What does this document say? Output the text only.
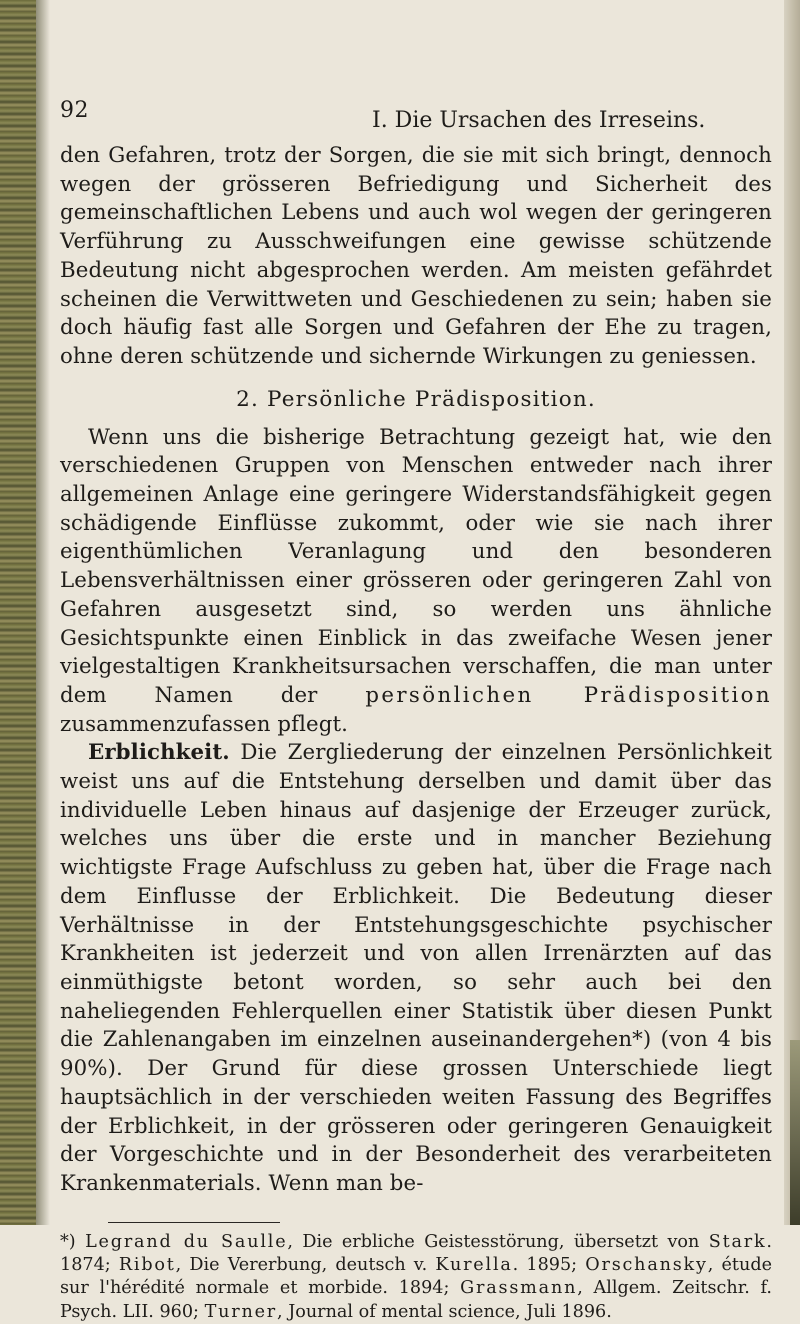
92	I. Die Ursachen des Irreseins.

den Gefahren, trotz der Sorgen, die sie mit sich bringt, dennoch wegen der grösseren Befriedigung und Sicherheit des gemeinschaftlichen Lebens und auch wol wegen der geringeren Verführung zu Ausschweifungen eine gewisse schützende Bedeutung nicht abgesprochen werden. Am meisten gefährdet scheinen die Verwittweten und Geschiedenen zu sein; haben sie doch häufig fast alle Sorgen und Gefahren der Ehe zu tragen, ohne deren schützende und sichernde Wirkungen zu geniessen.

2. Persönliche Prädisposition.

Wenn uns die bisherige Betrachtung gezeigt hat, wie den verschiedenen Gruppen von Menschen entweder nach ihrer allgemeinen Anlage eine geringere Widerstandsfähigkeit gegen schädigende Einflüsse zukommt, oder wie sie nach ihrer eigenthümlichen Veranlagung und den besonderen Lebensverhältnissen einer grösseren oder geringeren Zahl von Gefahren ausgesetzt sind, so werden uns ähnliche Gesichtspunkte einen Einblick in das zweifache Wesen jener vielgestaltigen Krankheitsursachen verschaffen, die man unter dem Namen der persönlichen Prädisposition zusammenzufassen pflegt.

Erblichkeit. Die Zergliederung der einzelnen Persönlichkeit weist uns auf die Entstehung derselben und damit über das individuelle Leben hinaus auf dasjenige der Erzeuger zurück, welches uns über die erste und in mancher Beziehung wichtigste Frage Aufschluss zu geben hat, über die Frage nach dem Einflusse der Erblichkeit. Die Bedeutung dieser Verhältnisse in der Entstehungsgeschichte psychischer Krankheiten ist jederzeit und von allen Irrenärzten auf das einmüthigste betont worden, so sehr auch bei den naheliegenden Fehlerquellen einer Statistik über diesen Punkt die Zahlenangaben im einzelnen auseinandergehen*) (von 4 bis 90%). Der Grund für diese grossen Unterschiede liegt hauptsächlich in der verschieden weiten Fassung des Begriffes der Erblichkeit, in der grösseren oder geringeren Genauigkeit der Vorgeschichte und in der Besonderheit des verarbeiteten Krankenmaterials. Wenn man be-

*) Legrand du Saulle, Die erbliche Geistesstörung, übersetzt von Stark. 1874; Ribot, Die Vererbung, deutsch v. Kurella. 1895; Orschansky, étude sur l'hérédité normale et morbide. 1894; Grassmann, Allgem. Zeitschr. f. Psych. LII. 960; Turner, Journal of mental science, Juli 1896.
